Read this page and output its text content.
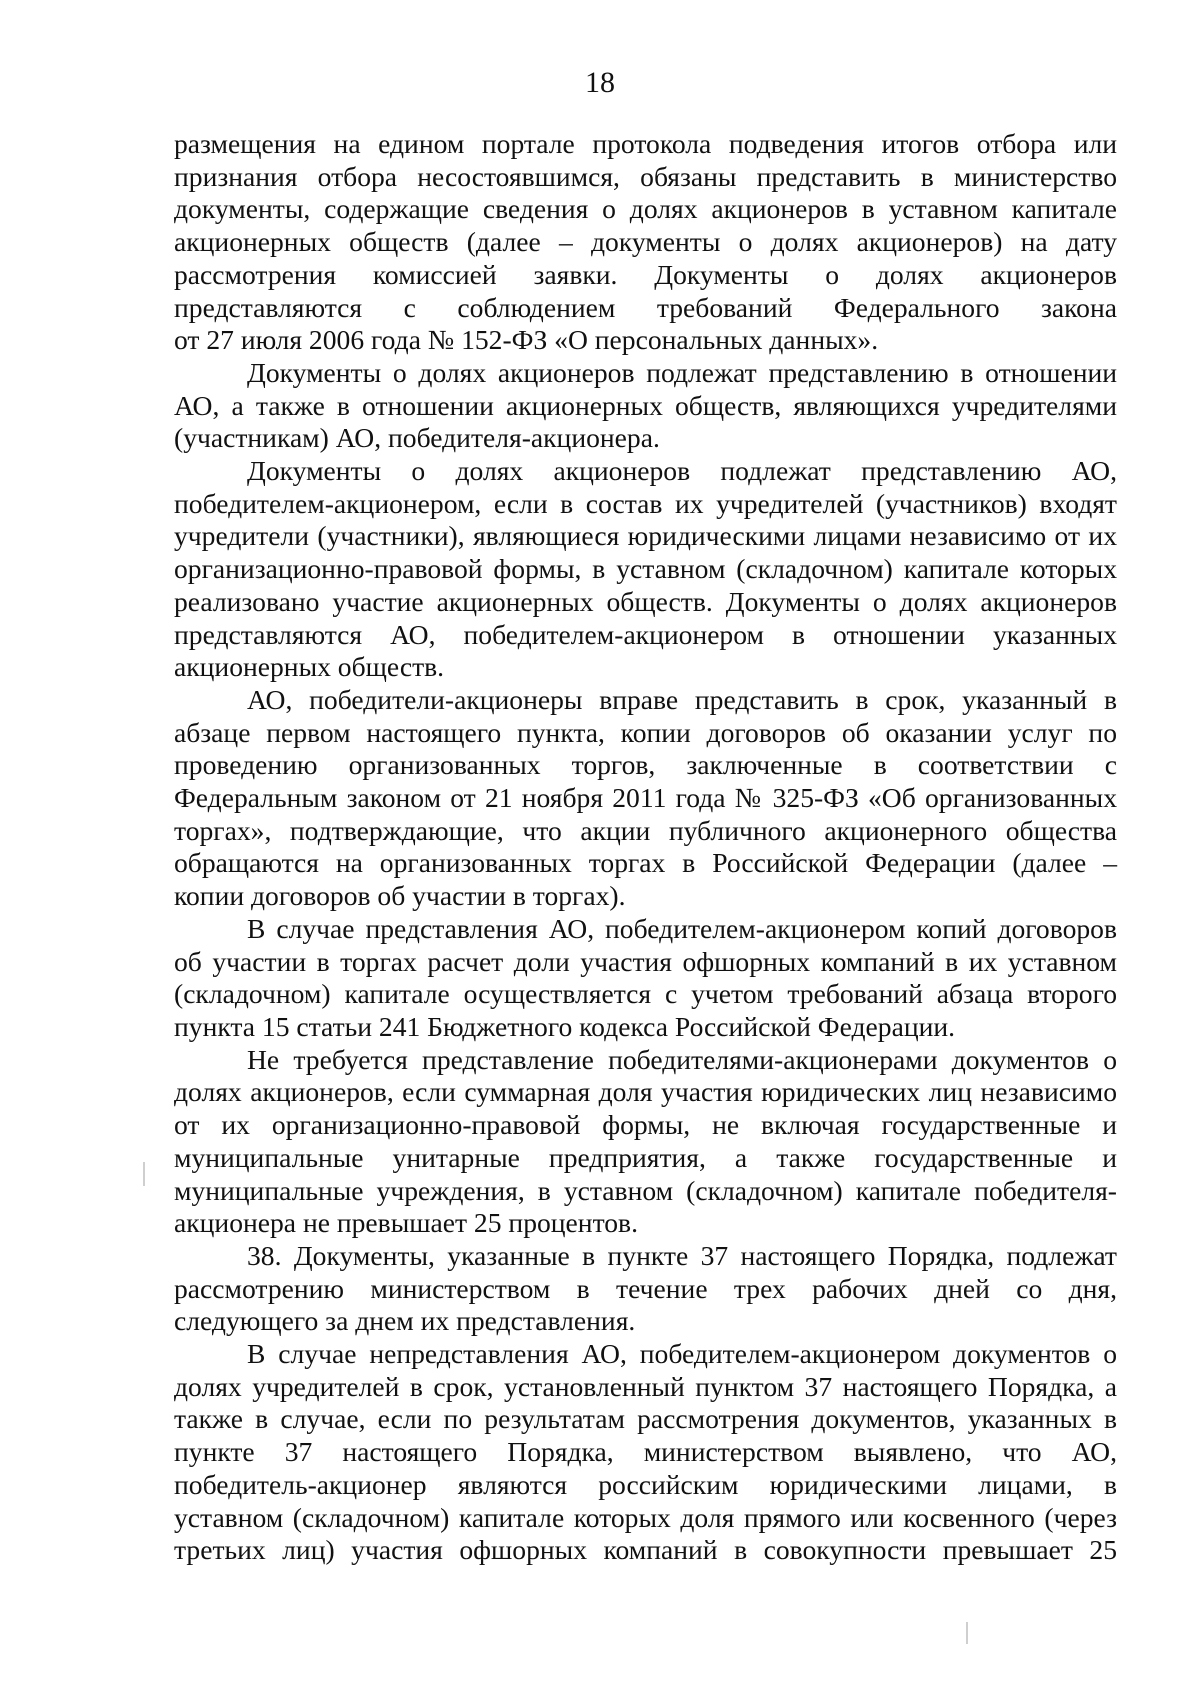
18
размещения на едином портале протокола подведения итогов отбора или
признания отбора несостоявшимся, обязаны представить в министерство
документы, содержащие сведения о долях акционеров в уставном капитале
акционерных обществ (далее – документы о долях акционеров) на дату
рассмотрения комиссией заявки. Документы о долях акционеров
представляются с соблюдением требований Федерального закона
от 27 июля 2006 года № 152-ФЗ «О персональных данных».
Документы о долях акционеров подлежат представлению в отношении
АО, а также в отношении акционерных обществ, являющихся учредителями
(участникам) АО, победителя-акционера.
Документы о долях акционеров подлежат представлению АО,
победителем-акционером, если в состав их учредителей (участников) входят
учредители (участники), являющиеся юридическими лицами независимо от их
организационно-правовой формы, в уставном (складочном) капитале которых
реализовано участие акционерных обществ. Документы о долях акционеров
представляются АО, победителем-акционером в отношении указанных
акционерных обществ.
АО, победители-акционеры вправе представить в срок, указанный в
абзаце первом настоящего пункта, копии договоров об оказании услуг по
проведению организованных торгов, заключенные в соответствии с
Федеральным законом от 21 ноября 2011 года № 325-ФЗ «Об организованных
торгах», подтверждающие, что акции публичного акционерного общества
обращаются на организованных торгах в Российской Федерации (далее –
копии договоров об участии в торгах).
В случае представления АО, победителем-акционером копий договоров
об участии в торгах расчет доли участия офшорных компаний в их уставном
(складочном) капитале осуществляется с учетом требований абзаца второго
пункта 15 статьи 241 Бюджетного кодекса Российской Федерации.
Не требуется представление победителями-акционерами документов о
долях акционеров, если суммарная доля участия юридических лиц независимо
от их организационно-правовой формы, не включая государственные и
муниципальные унитарные предприятия, а также государственные и
муниципальные учреждения, в уставном (складочном) капитале победителя-
акционера не превышает 25 процентов.
38. Документы, указанные в пункте 37 настоящего Порядка, подлежат
рассмотрению министерством в течение трех рабочих дней со дня,
следующего за днем их представления.
В случае непредставления АО, победителем-акционером документов о
долях учредителей в срок, установленный пунктом 37 настоящего Порядка, а
также в случае, если по результатам рассмотрения документов, указанных в
пункте 37 настоящего Порядка, министерством выявлено, что АО,
победитель-акционер являются российским юридическими лицами, в
уставном (складочном) капитале которых доля прямого или косвенного (через
третьих лиц) участия офшорных компаний в совокупности превышает 25
